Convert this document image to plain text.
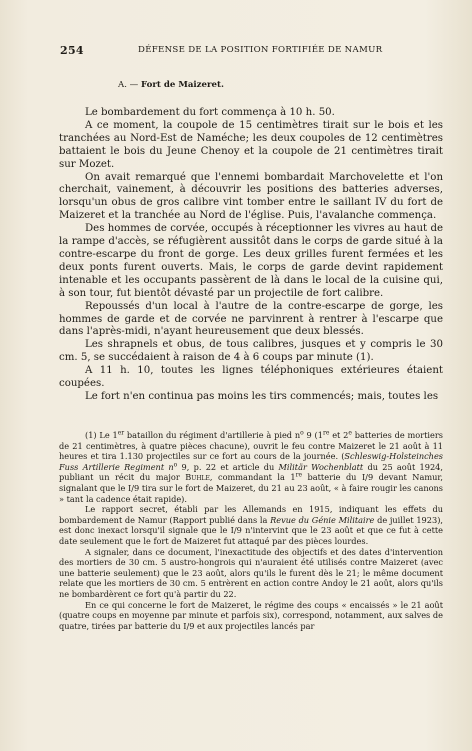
254	DÉFENSE DE LA POSITION FORTIFIÉE DE NAMUR
A. — Fort de Maizeret.

Le bombardement du fort commença à 10 h. 50.

A ce moment, la coupole de 15 centimètres tirait sur le bois et les tranchées au Nord-Est de Naméche; les deux coupoles de 12 centimètres battaient le bois du Jeune Chenoy et la coupole de 21 centimètres tirait sur Mozet.

On avait remarqué que l'ennemi bombardait Marchovelette et l'on cherchait, vainement, à découvrir les positions des batteries adverses, lorsqu'un obus de gros calibre vint tomber entre le saillant IV du fort de Maizeret et la tranchée au Nord de l'église. Puis, l'avalanche commença.

Des hommes de corvée, occupés à réceptionner les vivres au haut de la rampe d'accès, se réfugièrent aussitôt dans le corps de garde situé à la contre-escarpe du front de gorge. Les deux grilles furent fermées et les deux ponts furent ouverts. Mais, le corps de garde devint rapidement intenable et les occupants passèrent de là dans le local de la cuisine qui, à son tour, fut bientôt dévasté par un projectile de fort calibre.

Repoussés d'un local à l'autre de la contre-escarpe de gorge, les hommes de garde et de corvée ne parvinrent à rentrer à l'escarpe que dans l'après-midi, n'ayant heureusement que deux blessés.

Les shrapnels et obus, de tous calibres, jusques et y compris le 30 cm. 5, se succédaient à raison de 4 à 6 coups par minute (1).

A 11 h. 10, toutes les lignes téléphoniques extérieures étaient coupées.

Le fort n'en continua pas moins les tirs commencés; mais, toutes les

(1) Le 1er bataillon du régiment d'artillerie à pied $n^o$ 9 (1re et 2e batteries de mortiers de 21 centimètres, à quatre pièces chacune), ouvrit le feu contre Maizeret le 21 août à 11 heures et tira 1.130 projectiles sur ce fort au cours de la journée. (Schleswig-Holsteinches Fuss Artillerie Regiment $n^o$ 9, p. 22 et article du Militär Wochenblatt du 25 août 1924, publiant un récit du major Buhle, commandant la 1re batterie du I/9 devant Namur, signalant que le I/9 tira sur le fort de Maizeret, du 21 au 23 août, « à faire rougir les canons » tant la cadence était rapide).

Le rapport secret, établi par les Allemands en 1915, indiquant les effets du bombardement de Namur (Rapport publié dans la Revue du Génie Militaire de juillet 1923), est donc inexact lorsqu'il signale que le I/9 n'intervint que le 23 août et que ce fut à cette date seulement que le fort de Maizeret fut attaqué par des pièces lourdes.

A signaler, dans ce document, l'inexactitude des objectifs et des dates d'intervention des mortiers de 30 cm. 5 austro-hongrois qui n'auraient été utilisés contre Maizeret (avec une batterie seulement) que le 23 août, alors qu'ils le furent dès le 21; le même document relate que les mortiers de 30 cm. 5 entrèrent en action contre Andoy le 21 août, alors qu'ils ne bombardèrent ce fort qu'à partir du 22.

En ce qui concerne le fort de Maizeret, le régime des coups « encaissés » le 21 août (quatre coups en moyenne par minute et parfois six), correspond, notamment, aux salves de quatre, tirées par batterie du I/9 et aux projectiles lancés par
